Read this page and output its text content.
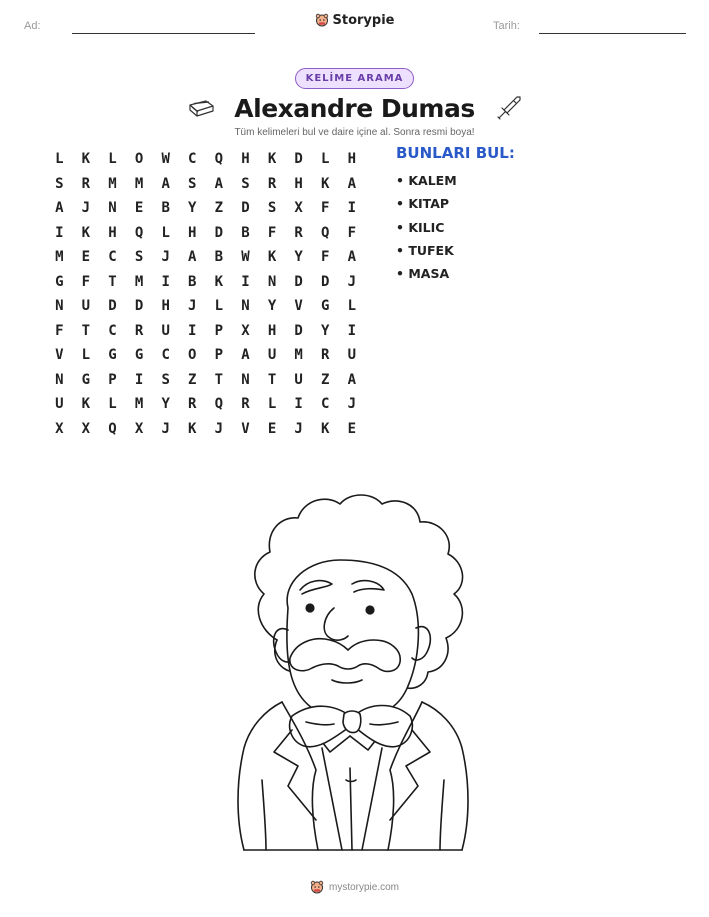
Ad:	Storypie	Tarih:
KELİME ARAMA
Alexandre Dumas
Tüm kelimeleri bul ve daire içine al. Sonra resmi boya!
L	K	L	O	W	C	Q	H	K	D	L	H
S	R	M	M	A	S	A	S	R	H	K	A
A	J	N	E	B	Y	Z	D	S	X	F	I
I	K	H	Q	L	H	D	B	F	R	Q	F
M	E	C	S	J	A	B	W	K	Y	F	A
G	F	T	M	I	B	K	I	N	D	D	J
N	U	D	D	H	J	L	N	Y	V	G	L
F	T	C	R	U	I	P	X	H	D	Y	I
V	L	G	G	C	O	P	A	U	M	R	U
N	G	P	I	S	Z	T	N	T	U	Z	A
U	K	L	M	Y	R	Q	R	L	I	C	J
X	X	Q	X	J	K	J	V	E	J	K	E
BUNLARI BUL:
• KALEM
• KITAP
• KILIC
• TUFEK
• MASA
mystorypie.com
